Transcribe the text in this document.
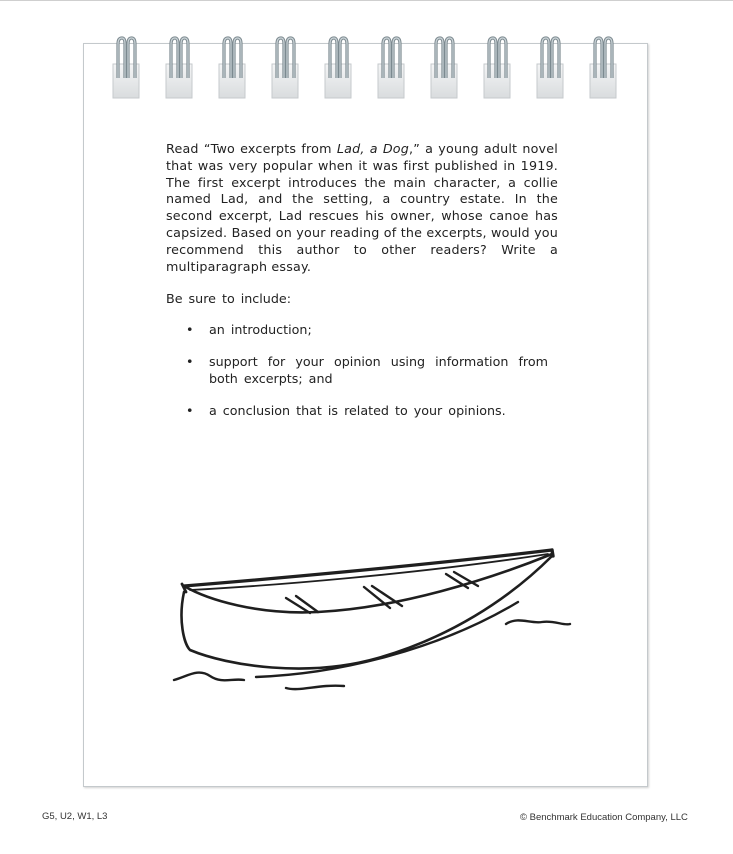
Read “Two excerpts from Lad, a Dog,” a young adult novel that was very popular when it was first published in 1919. The first excerpt introduces the main character, a collie named Lad, and the setting, a country estate. In the second excerpt, Lad rescues his owner, whose canoe has capsized. Based on your reading of the excerpts, would you recommend this author to other readers? Write a multiparagraph essay.

Be sure to include:
• an introduction;
• support for your opinion using information from both excerpts; and
• a conclusion that is related to your opinions.
G5, U2, W1, L3	© Benchmark Education Company, LLC
